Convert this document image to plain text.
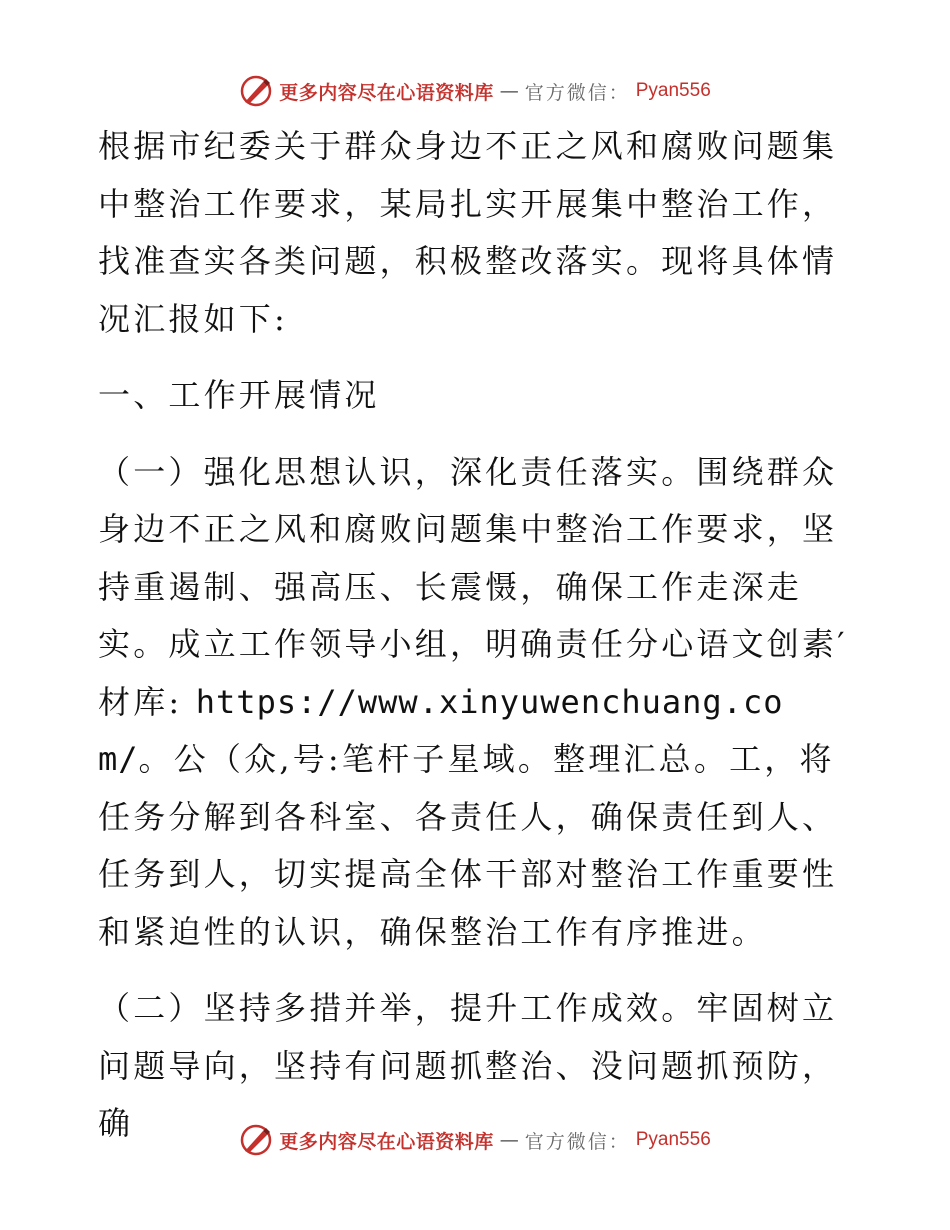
更多内容尽在心语资料库 — 官方微信： Pyan556

根据市纪委关于群众身边不正之风和腐败问题集中整治工作要求，某局扎实开展集中整治工作，找准查实各类问题，积极整改落实。现将具体情况汇报如下:

一、工作开展情况

（一）强化思想认识，深化责任落实。围绕群众身边不正之风和腐败问题集中整治工作要求，坚持重遏制、强高压、长震慑，确保工作走深走实。成立工作领导小组，明确责任分心语文创素′材库: https://www.xinyuwenchuang.com/。公（众,号:笔杆子星域。整理汇总。工，将任务分解到各科室、各责任人，确保责任到人、任务到人，切实提高全体干部对整治工作重要性和紧迫性的认识，确保整治工作有序推进。

（二）坚持多措并举，提升工作成效。牢固树立问题导向，坚持有问题抓整治、没问题抓预防，确	更多内容尽在心语资料库 — 官方微信： Pyan556
